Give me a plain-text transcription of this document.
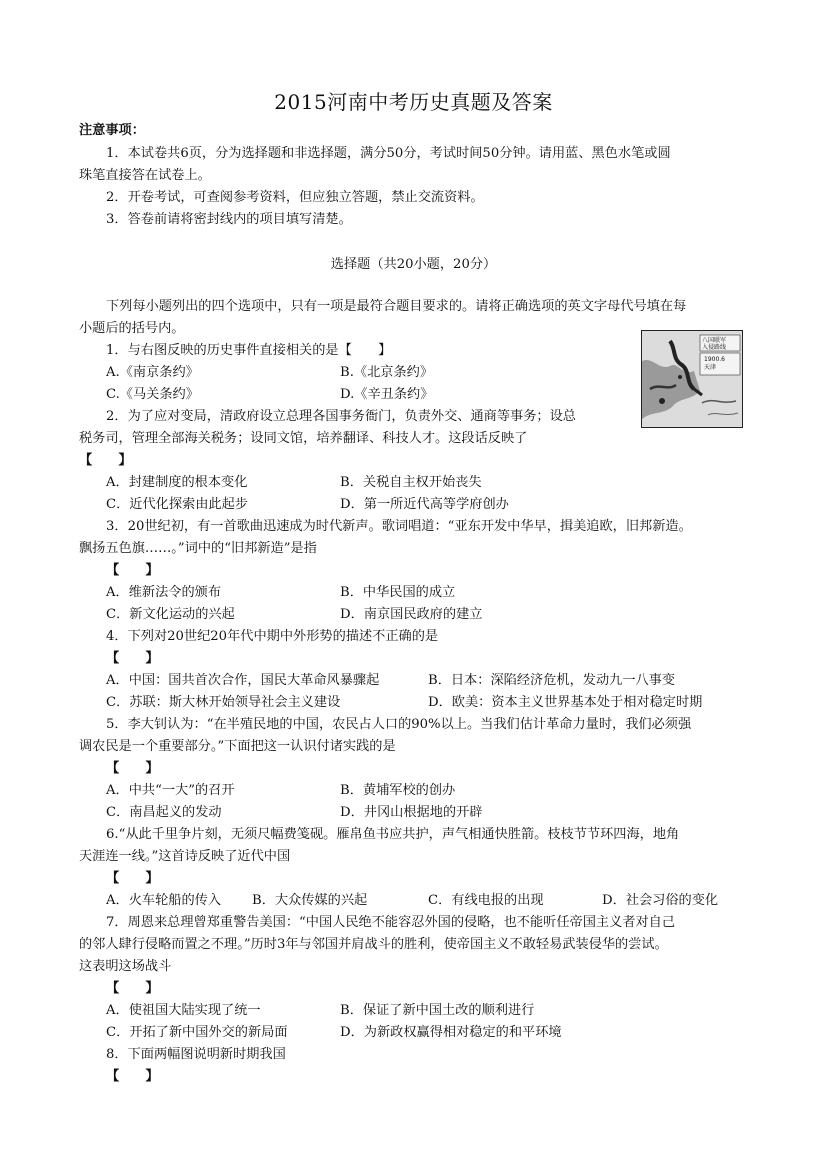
2015河南中考历史真题及答案
注意事项：
1．本试卷共6页，分为选择题和非选择题，满分50分，考试时间50分钟。请用蓝、黑色水笔或圆
珠笔直接答在试卷上。
2．开卷考试，可查阅参考资料，但应独立答题，禁止交流资料。
3．答卷前请将密封线内的项目填写清楚。
选择题（共20小题，20分）
下列每小题列出的四个选项中，只有一项是最符合题目要求的。请将正确选项的英文字母代号填在每
小题后的括号内。
八国联军
入侵路线
1900.6
天津
1．与右图反映的历史事件直接相关的是【　　】
A.《南京条约》	B.《北京条约》
C.《马关条约》	D.《辛丑条约》
2．为了应对变局，清政府设立总理各国事务衙门，负责外交、通商等事务；设总
税务司，管理全部海关税务；设同文馆，培养翻译、科技人才。这段话反映了
【　　】
A．封建制度的根本变化	B．关税自主权开始丧失
C．近代化探索由此起步	D．第一所近代高等学府创办
3．20世纪初，有一首歌曲迅速成为时代新声。歌词唱道：“亚东开发中华早，揖美追欧，旧邦新造。
飘扬五色旗……。”词中的“旧邦新造”是指
【　　】
A．维新法令的颁布	B．中华民国的成立
C．新文化运动的兴起	D．南京国民政府的建立
4．下列对20世纪20年代中期中外形势的描述不正确的是
【　　】
A．中国：国共首次合作，国民大革命风暴骤起	B．日本：深陷经济危机，发动九一八事变
C．苏联：斯大林开始领导社会主义建设	D．欧美：资本主义世界基本处于相对稳定时期
5．李大钊认为：“在半殖民地的中国，农民占人口的90%以上。当我们估计革命力量时，我们必须强
调农民是一个重要部分。”下面把这一认识付诸实践的是
【　　】
A．中共“一大”的召开	B．黄埔军校的创办
C．南昌起义的发动	D．井冈山根据地的开辟
6.“从此千里争片刻，无须尺幅费笺砚。雁帛鱼书应共护，声气相通快胜箭。枝枝节节环四海，地角
天涯连一线。”这首诗反映了近代中国
【　　】
A．火车轮船的传入 B．大众传媒的兴起	C．有线电报的出现	D．社会习俗的变化
7．周恩来总理曾郑重警告美国：“中国人民绝不能容忍外国的侵略，也不能听任帝国主义者对自己
的邻人肆行侵略而置之不理。”历时3年与邻国并肩战斗的胜利，使帝国主义不敢轻易武装侵华的尝试。
这表明这场战斗
【　　】
A．使祖国大陆实现了统一	B．保证了新中国土改的顺利进行
C．开拓了新中国外交的新局面	D．为新政权赢得相对稳定的和平环境
8．下面两幅图说明新时期我国
【　　】
